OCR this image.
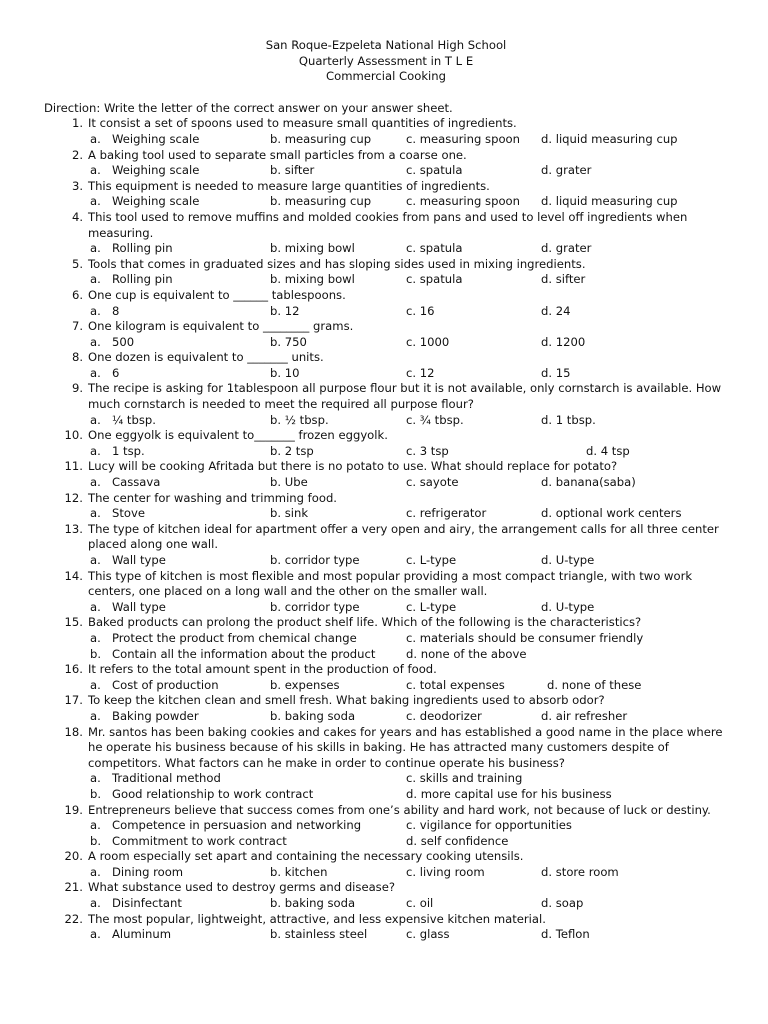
San Roque-Ezpeleta National High School
Quarterly Assessment in T L E
Commercial Cooking
Direction: Write the letter of the correct answer on your answer sheet.
1. It consist a set of spoons used to measure small quantities of ingredients.
a. Weighing scale	b. measuring cup	c. measuring spoon d. liquid measuring cup
2. A baking tool used to separate small particles from a coarse one.
a. Weighing scale	b. sifter	c. spatula	d. grater
3. This equipment is needed to measure large quantities of ingredients.
a. Weighing scale	b. measuring cup	c. measuring spoon d. liquid measuring cup
4. This tool used to remove muffins and molded cookies from pans and used to level off ingredients when measuring.
a. Rolling pin	b. mixing bowl	c. spatula	d. grater
5. Tools that comes in graduated sizes and has sloping sides used in mixing ingredients.
a. Rolling pin	b. mixing bowl	c. spatula	d. sifter
6. One cup is equivalent to ______ tablespoons.
a. 8	b. 12	c. 16	d. 24
7. One kilogram is equivalent to ________ grams.
a. 500	b. 750	c. 1000	d. 1200
8. One dozen is equivalent to _______ units.
a. 6	b. 10	c. 12	d. 15
9. The recipe is asking for 1tablespoon all purpose flour but it is not available, only cornstarch is available. How much cornstarch is needed to meet the required all purpose flour?
a. ¼ tbsp.	b. ½ tbsp.	c. ¾ tbsp.	d. 1 tbsp.
10. One eggyolk is equivalent to_______ frozen eggyolk.
a. 1 tsp.	b. 2 tsp	c. 3 tsp	d. 4 tsp
11. Lucy will be cooking Afritada but there is no potato to use. What should replace for potato?
a. Cassava	b. Ube	c. sayote	d. banana(saba)
12. The center for washing and trimming food.
a. Stove	b. sink	c. refrigerator	d. optional work centers
13. The type of kitchen ideal for apartment offer a very open and airy, the arrangement calls for all three center placed along one wall.
a. Wall type	b. corridor type	c. L-type	d. U-type
14. This type of kitchen is most flexible and most popular providing a most compact triangle, with two work centers, one placed on a long wall and the other on the smaller wall.
a. Wall type	b. corridor type	c. L-type	d. U-type
15. Baked products can prolong the product shelf life. Which of the following is the characteristics?
a. Protect the product from chemical change	c. materials should be consumer friendly
b. Contain all the information about the product	d. none of the above
16. It refers to the total amount spent in the production of food.
a. Cost of production	b. expenses	c. total expenses	d. none of these
17. To keep the kitchen clean and smell fresh. What baking ingredients used to absorb odor?
a. Baking powder	b. baking soda	c. deodorizer	d. air refresher
18. Mr. santos has been baking cookies and cakes for years and has established a good name in the place where he operate his business because of his skills in baking. He has attracted many customers despite of competitors. What factors can he make in order to continue operate his business?
a. Traditional method	c. skills and training
b. Good relationship to work contract	d. more capital use for his business
19. Entrepreneurs believe that success comes from one’s ability and hard work, not because of luck or destiny.
a. Competence in persuasion and networking	c. vigilance for opportunities
b. Commitment to work contract	d. self confidence
20. A room especially set apart and containing the necessary cooking utensils.
a. Dining room	b. kitchen	c. living room	d. store room
21. What substance used to destroy germs and disease?
a. Disinfectant	b. baking soda	c. oil	d. soap
22. The most popular, lightweight, attractive, and less expensive kitchen material.
a. Aluminum	b. stainless steel	c. glass	d. Teflon
